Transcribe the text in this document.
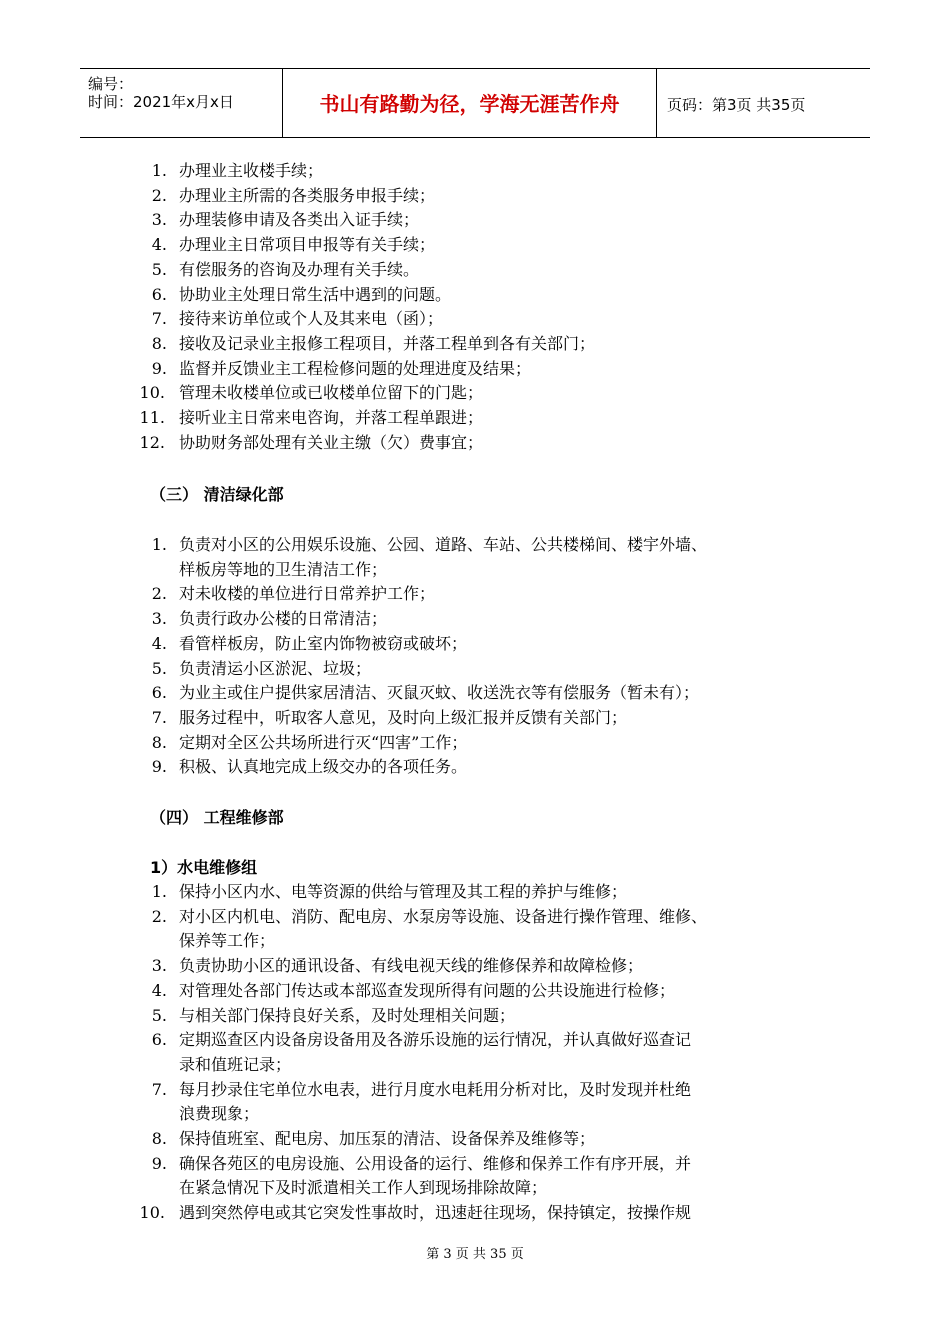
编号：
时间：2021年x月x日	书山有路勤为径，学海无涯苦作舟	页码：第3页 共35页
1. 办理业主收楼手续；
2. 办理业主所需的各类服务申报手续；
3. 办理装修申请及各类出入证手续；
4. 办理业主日常项目申报等有关手续；
5. 有偿服务的咨询及办理有关手续。
6. 协助业主处理日常生活中遇到的问题。
7. 接待来访单位或个人及其来电（函）；
8. 接收及记录业主报修工程项目，并落工程单到各有关部门；
9. 监督并反馈业主工程检修问题的处理进度及结果；
10. 管理未收楼单位或已收楼单位留下的门匙；
11. 接听业主日常来电咨询，并落工程单跟进；
12. 协助财务部处理有关业主缴（欠）费事宜；
（三） 清洁绿化部
1. 负责对小区的公用娱乐设施、公园、道路、车站、公共楼梯间、楼宇外墙、
样板房等地的卫生清洁工作；
2. 对未收楼的单位进行日常养护工作；
3. 负责行政办公楼的日常清洁；
4. 看管样板房，防止室内饰物被窃或破坏；
5. 负责清运小区淤泥、垃圾；
6. 为业主或住户提供家居清洁、灭鼠灭蚊、收送洗衣等有偿服务（暂未有）；
7. 服务过程中，听取客人意见，及时向上级汇报并反馈有关部门；
8. 定期对全区公共场所进行灭“四害”工作；
9. 积极、认真地完成上级交办的各项任务。
（四） 工程维修部
1）水电维修组
1. 保持小区内水、电等资源的供给与管理及其工程的养护与维修；
2. 对小区内机电、消防、配电房、水泵房等设施、设备进行操作管理、维修、
保养等工作；
3. 负责协助小区的通讯设备、有线电视天线的维修保养和故障检修；
4. 对管理处各部门传达或本部巡查发现所得有问题的公共设施进行检修；
5. 与相关部门保持良好关系，及时处理相关问题；
6. 定期巡查区内设备房设备用及各游乐设施的运行情况，并认真做好巡查记
录和值班记录；
7. 每月抄录住宅单位水电表，进行月度水电耗用分析对比，及时发现并杜绝
浪费现象；
8. 保持值班室、配电房、加压泵的清洁、设备保养及维修等；
9. 确保各苑区的电房设施、公用设备的运行、维修和保养工作有序开展，并
在紧急情况下及时派遣相关工作人到现场排除故障；
10. 遇到突然停电或其它突发性事故时，迅速赶往现场，保持镇定，按操作规
第 3 页 共 35 页
